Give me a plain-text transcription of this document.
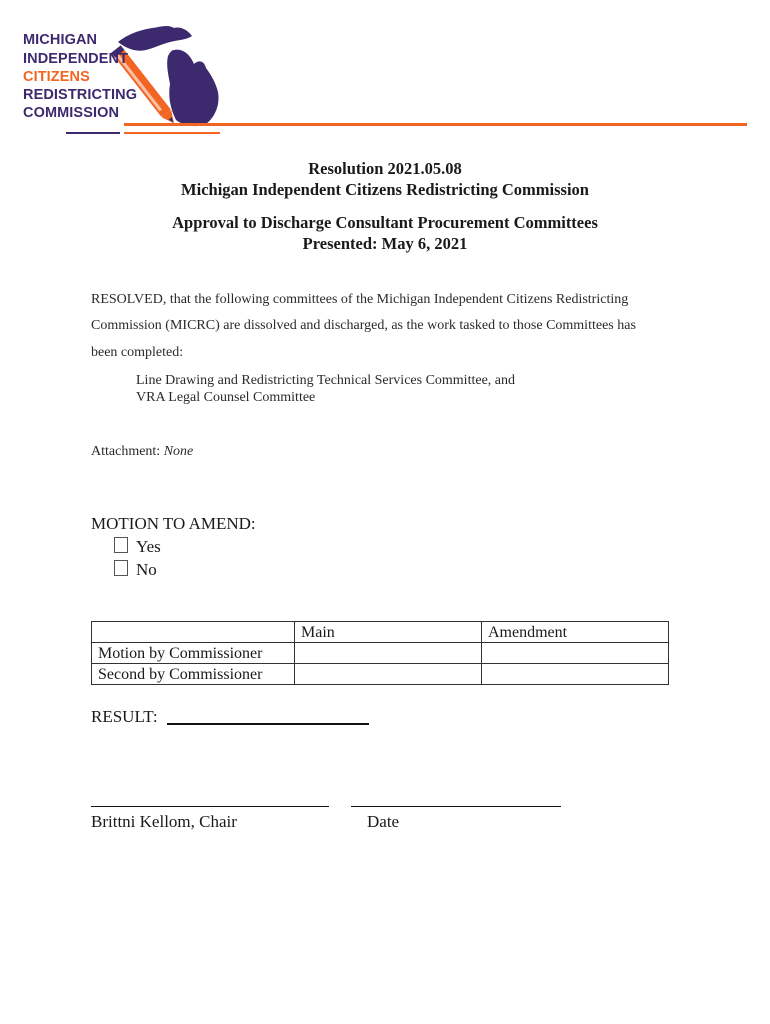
MICHIGAN
INDEPENDENT
CITIZENS
REDISTRICTING
COMMISSION
Resolution 2021.05.08
Michigan Independent Citizens Redistricting Commission
Approval to Discharge Consultant Procurement Committees
Presented: May 6, 2021
RESOLVED, that the following committees of the Michigan Independent Citizens Redistricting
Commission (MICRC) are dissolved and discharged, as the work tasked to those Committees has
been completed:
Line Drawing and Redistricting Technical Services Committee, and
VRA Legal Counsel Committee
Attachment: None
MOTION TO AMEND:
Yes
No
	Main	Amendment
Motion by Commissioner		
Second by Commissioner		
RESULT:
Brittni Kellom, Chair	Date
